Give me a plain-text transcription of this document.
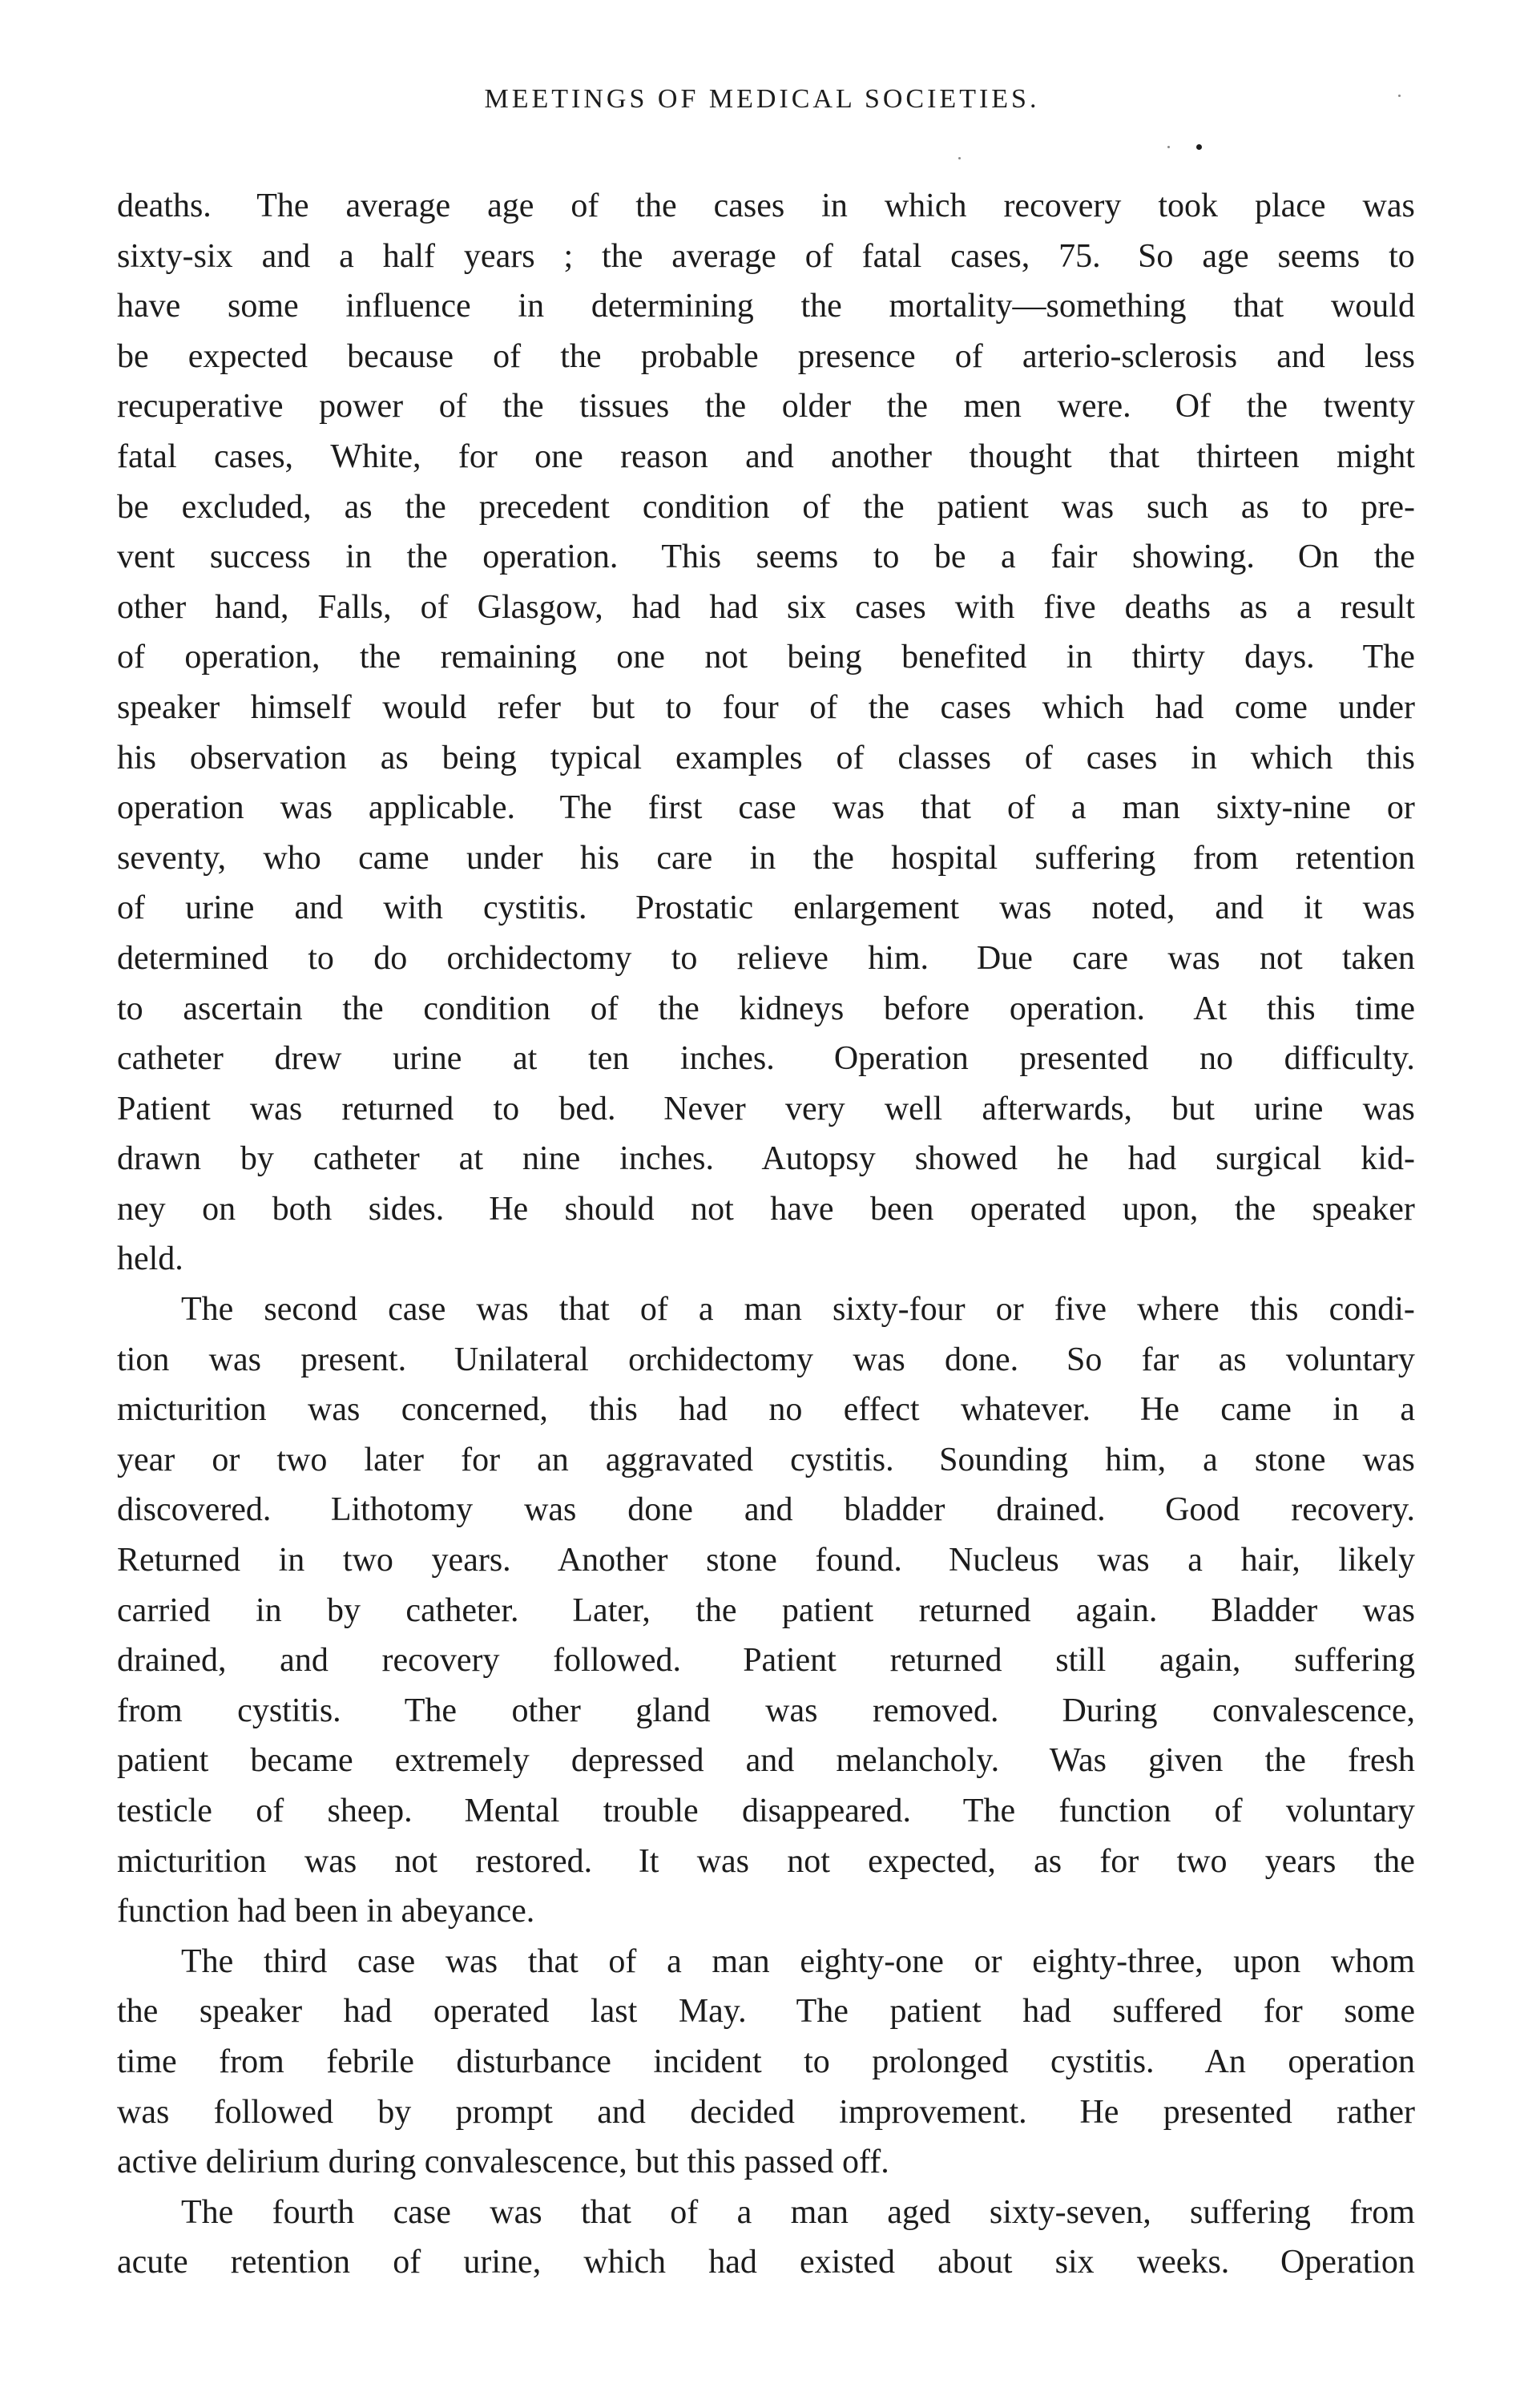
MEETINGS OF MEDICAL SOCIETIES.
deaths. The average age of the cases in which recovery took place was
sixty-six and a half years ; the average of fatal cases, 75. So age seems to
have some influence in determining the mortality—something that would
be expected because of the probable presence of arterio-sclerosis and less
recuperative power of the tissues the older the men were. Of the twenty
fatal cases, White, for one reason and another thought that thirteen might
be excluded, as the precedent condition of the patient was such as to pre-
vent success in the operation. This seems to be a fair showing. On the
other hand, Falls, of Glasgow, had had six cases with five deaths as a result
of operation, the remaining one not being benefited in thirty days. The
speaker himself would refer but to four of the cases which had come under
his observation as being typical examples of classes of cases in which this
operation was applicable. The first case was that of a man sixty-nine or
seventy, who came under his care in the hospital suffering from retention
of urine and with cystitis. Prostatic enlargement was noted, and it was
determined to do orchidectomy to relieve him. Due care was not taken
to ascertain the condition of the kidneys before operation. At this time
catheter drew urine at ten inches. Operation presented no difficulty.
Patient was returned to bed. Never very well afterwards, but urine was
drawn by catheter at nine inches. Autopsy showed he had surgical kid-
ney on both sides. He should not have been operated upon, the speaker
held.
The second case was that of a man sixty-four or five where this condi-
tion was present. Unilateral orchidectomy was done. So far as voluntary
micturition was concerned, this had no effect whatever. He came in a
year or two later for an aggravated cystitis. Sounding him, a stone was
discovered. Lithotomy was done and bladder drained. Good recovery.
Returned in two years. Another stone found. Nucleus was a hair, likely
carried in by catheter. Later, the patient returned again. Bladder was
drained, and recovery followed. Patient returned still again, suffering
from cystitis. The other gland was removed. During convalescence,
patient became extremely depressed and melancholy. Was given the fresh
testicle of sheep. Mental trouble disappeared. The function of voluntary
micturition was not restored. It was not expected, as for two years the
function had been in abeyance.
The third case was that of a man eighty-one or eighty-three, upon whom
the speaker had operated last May. The patient had suffered for some
time from febrile disturbance incident to prolonged cystitis. An operation
was followed by prompt and decided improvement. He presented rather
active delirium during convalescence, but this passed off.
The fourth case was that of a man aged sixty-seven, suffering from
acute retention of urine, which had existed about six weeks. Operation
